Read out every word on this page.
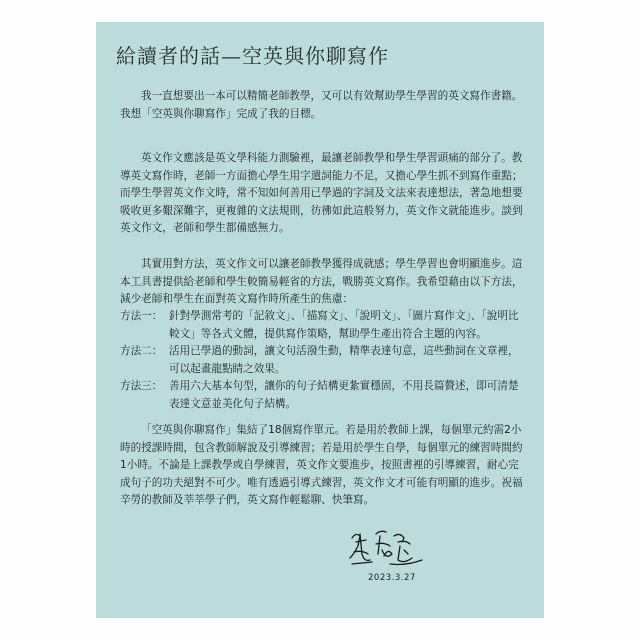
給讀者的話—空英與你聊寫作

我一直想要出一本可以精簡老師教學，又可以有效幫助學生學習的英文寫作書籍。我想「空英與你聊寫作」完成了我的目標。

英文作文應該是英文學科能力測驗裡，最讓老師教學和學生學習頭痛的部分了。教導英文寫作時，老師一方面擔心學生用字遣詞能力不足，又擔心學生抓不到寫作重點；而學生學習英文作文時，常不知如何善用已學過的字詞及文法來表達想法，著急地想要吸收更多艱深難字，更複雜的文法規則，彷彿如此這般努力，英文作文就能進步。談到英文作文，老師和學生都備感無力。

其實用對方法，英文作文可以讓老師教學獲得成就感；學生學習也會明顯進步。這本工具書提供給老師和學生較簡易輕省的方法，戰勝英文寫作。我希望藉由以下方法，減少老師和學生在面對英文寫作時所產生的焦慮：

方法一： 針對學測常考的「記敘文」、「描寫文」、「說明文」、「圖片寫作文」、「說明比較文」等各式文體，提供寫作策略，幫助學生產出符合主題的內容。
方法二： 活用已學過的動詞，讓文句活潑生動，精準表達句意，這些動詞在文章裡，可以起畫龍點睛之效果。
方法三： 善用六大基本句型，讓你的句子結構更紮實穩固，不用長篇贅述，即可清楚表達文意並美化句子結構。

「空英與你聊寫作」集結了18個寫作單元。若是用於教師上課，每個單元約需2小時的授課時間，包含教師解說及引導練習；若是用於學生自學，每個單元的練習時間約1小時。不論是上課教學或自學練習，英文作文要進步，按照書裡的引導練習，耐心完成句子的功夫絕對不可少。唯有透過引導式練習，英文作文才可能有明顯的進步。祝福辛勞的教師及莘莘學子們，英文寫作輕鬆聊、快筆寫。

2023.3.27
